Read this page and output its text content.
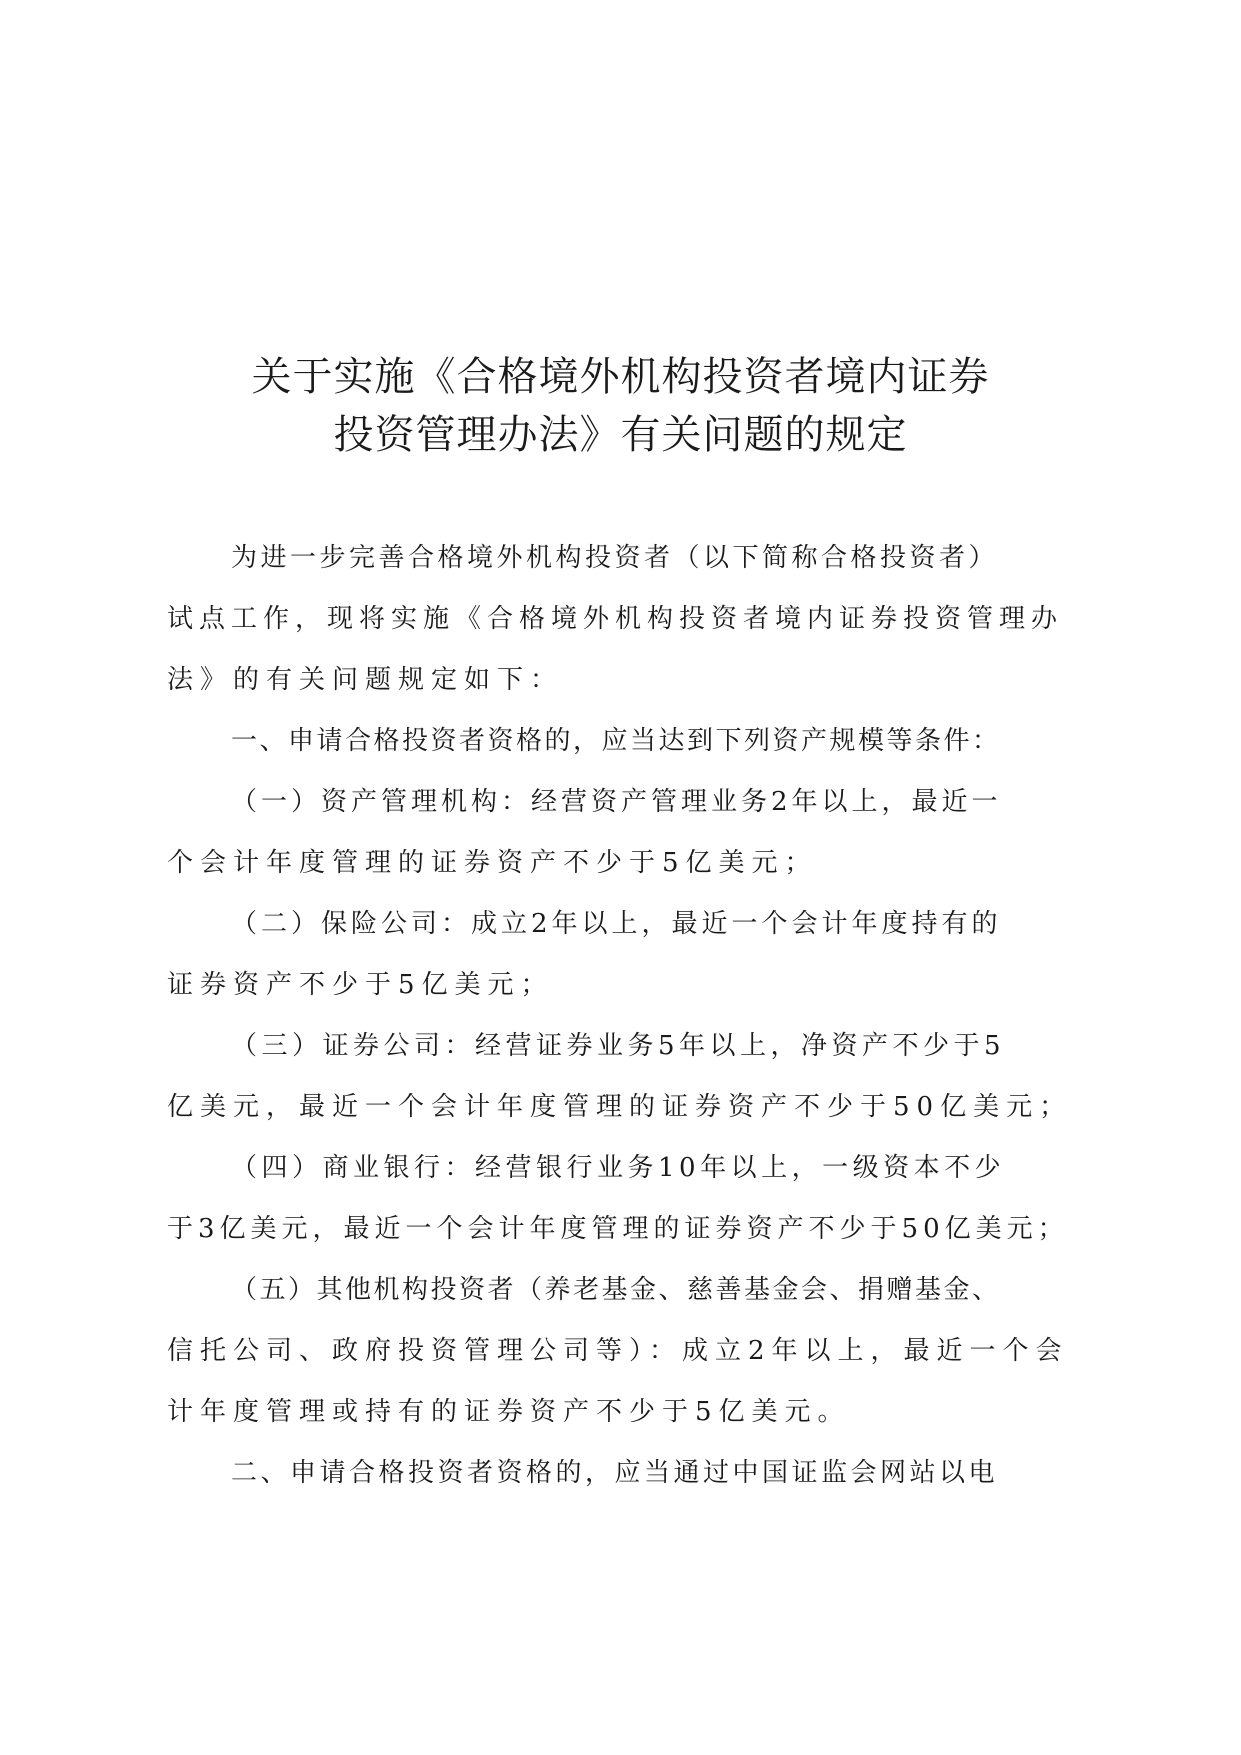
关于实施《合格境外机构投资者境内证券
投资管理办法》有关问题的规定
为进一步完善合格境外机构投资者（以下简称合格投资者）
试点工作，现将实施《合格境外机构投资者境内证券投资管理办
法》的有关问题规定如下：
一、申请合格投资者资格的，应当达到下列资产规模等条件：
（一）资产管理机构：经营资产管理业务2年以上，最近一
个会计年度管理的证券资产不少于5亿美元；
（二）保险公司：成立2年以上，最近一个会计年度持有的
证券资产不少于5亿美元；
（三）证券公司：经营证券业务5年以上，净资产不少于5
亿美元，最近一个会计年度管理的证券资产不少于50亿美元；
（四）商业银行：经营银行业务10年以上，一级资本不少
于3亿美元，最近一个会计年度管理的证券资产不少于50亿美元；
（五）其他机构投资者（养老基金、慈善基金会、捐赠基金、
信托公司、政府投资管理公司等）：成立2年以上，最近一个会
计年度管理或持有的证券资产不少于5亿美元。
二、申请合格投资者资格的，应当通过中国证监会网站以电
